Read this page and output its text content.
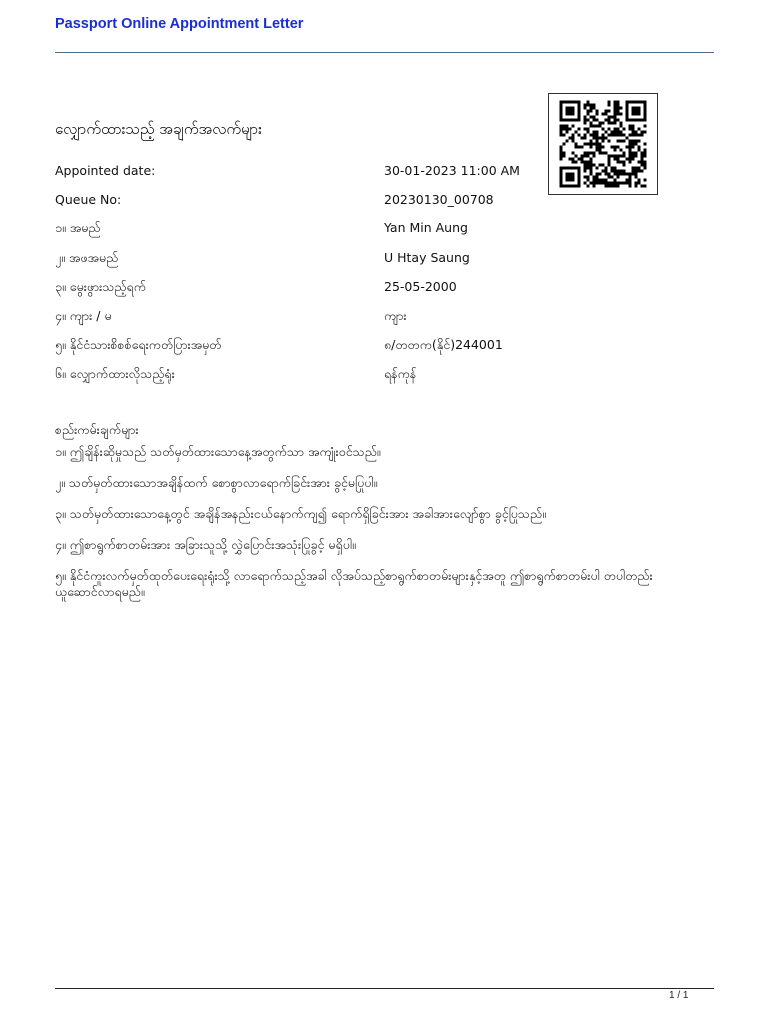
Passport Online Appointment Letter
လျှောက်ထားသည့် အချက်အလက်များ
Appointed date:	30-01-2023 11:00 AM
Queue No:	20230130_00708
၁။ အမည်	Yan Min Aung
၂။ အဖအမည်	U Htay Saung
၃။ မွေးဖွားသည့်ရက်	25-05-2000
၄။ ကျား / မ	ကျား
၅။ နိုင်ငံသားစိစစ်ရေးကတ်ပြားအမှတ်	၈/တတက(နိုင်)244001
၆။ လျှောက်ထားလိုသည့်ရုံး	ရန်ကုန်
စည်းကမ်းချက်များ
၁။ ဤချိန်းဆိုမှုသည် သတ်မှတ်ထားသောနေ့အတွက်သာ အကျုံးဝင်သည်။
၂။ သတ်မှတ်ထားသောအချိန်ထက် စောစွာလာရောက်ခြင်းအား ခွင့်မပြုပါ။
၃။ သတ်မှတ်ထားသောနေ့တွင် အချိန်အနည်းငယ်နောက်ကျ၍ ရောက်ရှိခြင်းအား အခါအားလျော်စွာ ခွင့်ပြုသည်။
၄။ ဤစာရွက်စာတမ်းအား အခြားသူသို့ လွှဲပြောင်းအသုံးပြုခွင့် မရှိပါ။
၅။ နိုင်ငံကူးလက်မှတ်ထုတ်ပေးရေးရုံးသို့ လာရောက်သည့်အခါ လိုအပ်သည့်စာရွက်စာတမ်းများနှင့်အတူ ဤစာရွက်စာတမ်းပါ တပါတည်းယူဆောင်လာရမည်။
1 / 1
